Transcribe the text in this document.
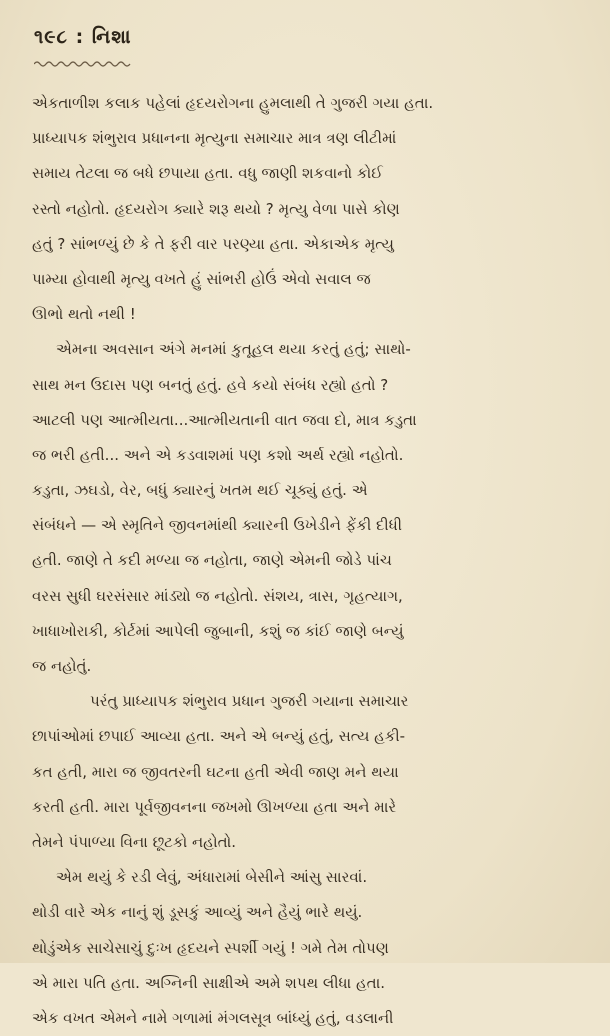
૧૯૮ : નિશા
એકતાળીશ કલાક પહેલાં હૃદયરોગના હુમલાથી તે ગુજરી ગયા હતા.
પ્રાધ્યાપક શંભુરાવ પ્રધાનના મૃત્યુના સમાચાર માત્ર ત્રણ લીટીમાં
સમાય તેટલા જ બધે છપાયા હતા. વધુ જાણી શકવાનો કોઈ
રસ્તો નહોતો. હૃદયરોગ ક્યારે શરૂ થયો ? મૃત્યુ વેળા પાસે કોણ
હતું ? સાંભળ્યું છે કે તે ફરી વાર પરણ્યા હતા. એકાએક મૃત્યુ
પામ્યા હોવાથી મૃત્યુ વખતે હું સાંભરી હોઉં એવો સવાલ જ
ઊભો થતો નથી !
એમના અવસાન અંગે મનમાં કુતૂહલ થયા કરતું હતું; સાથો-
સાથ મન ઉદાસ પણ બનતું હતું. હવે કયો સંબંધ રહ્યો હતો ?
આટલી પણ આત્મીયતા...આત્મીયતાની વાત જવા દો, માત્ર કડુતા
જ ભરી હતી... અને એ કડવાશમાં પણ કશો અર્થ રહ્યો નહોતો.
કડુતા, ઝઘડો, વેર, બધું ક્યારનું ખતમ થઈ ચૂક્યું હતું. એ
સંબંધને — એ સ્મૃતિને જીવનમાંથી ક્યારની ઉખેડીને ફેંકી દીધી
હતી. જાણે તે કદી મળ્યા જ નહોતા, જાણે એમની જોડે પાંચ
વરસ સુધી ઘરસંસાર માંડ્યો જ નહોતો. સંશય, ત્રાસ, ગૃહત્યાગ,
ખાધાખોરાકી, કોર્ટમાં આપેલી જુબાની, કશું જ કાંઈ જાણે બન્યું
જ નહોતું.
પરંતુ પ્રાધ્યાપક શંભુરાવ પ્રધાન ગુજરી ગયાના સમાચાર
છાપાંઓમાં છપાઈ આવ્યા હતા. અને એ બન્યું હતું, સત્ય હકી-
કત હતી, મારા જ જીવતરની ઘટના હતી એવી જાણ મને થયા
કરતી હતી. મારા પૂર્વજીવનના જખમો ઊખળ્યા હતા અને મારે
તેમને પંપાળ્યા વિના છૂટકો નહોતો.
એમ થયું કે રડી લેવું, અંધારામાં બેસીને આંસુ સારવાં.
થોડી વારે એક નાનું શું ડૂસકું આવ્યું અને હૈયું ભારે થયું.
થોડુંએક સાચેસાચું દુઃખ હૃદયને સ્પર્શી ગયું ! ગમે તેમ તોપણ
એ મારા પતિ હતા. અગ્નિની સાક્ષીએ અમે શપથ લીધા હતા.
એક વખત એમને નામે ગળામાં મંગલસૂત્ર બાંધ્યું હતું, વડલાની
